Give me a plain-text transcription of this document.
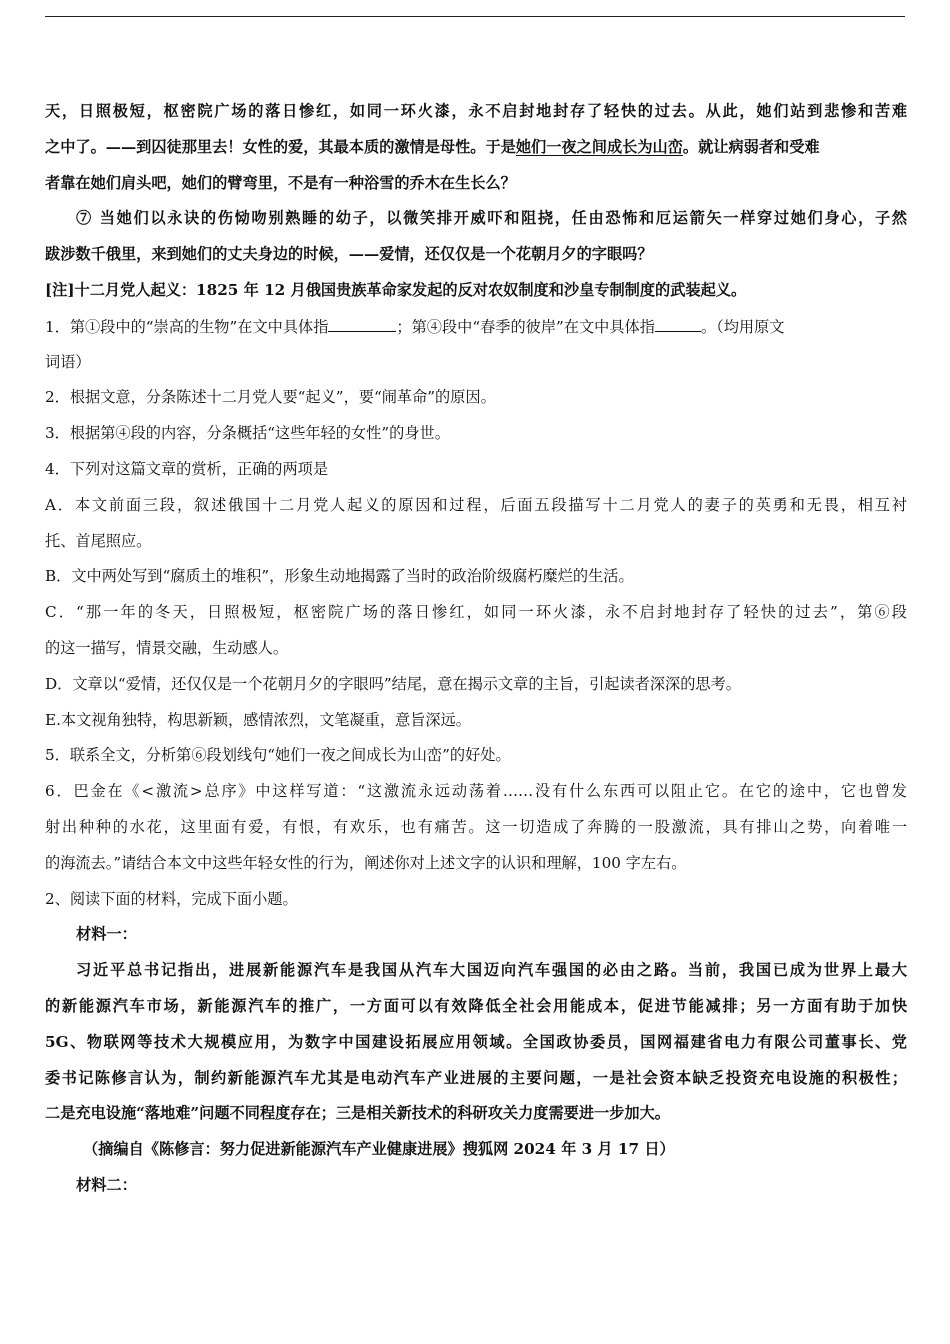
天，日照极短，枢密院广场的落日惨红，如同一环火漆，永不启封地封存了轻快的过去。从此，她们站到悲惨和苦难
之中了。——到囚徒那里去！女性的爱，其最本质的激情是母性。于是她们一夜之间成长为山峦。就让病弱者和受难
者靠在她们肩头吧，她们的臂弯里，不是有一种浴雪的乔木在生长么？
⑦ 当她们以永诀的伤恸吻别熟睡的幼子，以微笑排开威吓和阻挠，任由恐怖和厄运箭矢一样穿过她们身心，子然
跋涉数千俄里，来到她们的丈夫身边的时候，——爱情，还仅仅是一个花朝月夕的字眼吗？
[注]十二月党人起义：1825 年 12 月俄国贵族革命家发起的反对农奴制度和沙皇专制制度的武装起义。
1．第①段中的“崇高的生物”在文中具体指	；第④段中“春季的彼岸”在文中具体指	。（均用原文
词语）
2．根据文意，分条陈述十二月党人要“起义”，要“闹革命”的原因。
3．根据第④段的内容，分条概括“这些年轻的女性”的身世。
4．下列对这篇文章的赏析，正确的两项是
A．本文前面三段，叙述俄国十二月党人起义的原因和过程，后面五段描写十二月党人的妻子的英勇和无畏，相互衬
托、首尾照应。
B．文中两处写到“腐质土的堆积”，形象生动地揭露了当时的政治阶级腐朽糜烂的生活。
C．“那一年的冬天，日照极短，枢密院广场的落日惨红，如同一环火漆，永不启封地封存了轻快的过去”，第⑥段
的这一描写，情景交融，生动感人。
D．文章以“爱情，还仅仅是一个花朝月夕的字眼吗”结尾，意在揭示文章的主旨，引起读者深深的思考。
E.本文视角独特，构思新颖，感情浓烈，文笔凝重，意旨深远。
5．联系全文，分析第⑥段划线句“她们一夜之间成长为山峦”的好处。
6．巴金在《<激流>总序》中这样写道：“这激流永远动荡着……没有什么东西可以阻止它。在它的途中，它也曾发
射出种种的水花，这里面有爱，有恨，有欢乐，也有痛苦。这一切造成了奔腾的一股激流，具有排山之势，向着唯一
的海流去。”请结合本文中这些年轻女性的行为，阐述你对上述文字的认识和理解，100 字左右。
2、阅读下面的材料，完成下面小题。
材料一：
习近平总书记指出，进展新能源汽车是我国从汽车大国迈向汽车强国的必由之路。当前，我国已成为世界上最大
的新能源汽车市场，新能源汽车的推广，一方面可以有效降低全社会用能成本，促进节能减排；另一方面有助于加快
5G、物联网等技术大规模应用，为数字中国建设拓展应用领域。全国政协委员，国网福建省电力有限公司董事长、党
委书记陈修言认为，制约新能源汽车尤其是电动汽车产业进展的主要问题，一是社会资本缺乏投资充电设施的积极性；
二是充电设施“落地难”问题不同程度存在；三是相关新技术的科研攻关力度需要进一步加大。
（摘编自《陈修言：努力促进新能源汽车产业健康进展》搜狐网 2024 年 3 月 17 日）
材料二：
